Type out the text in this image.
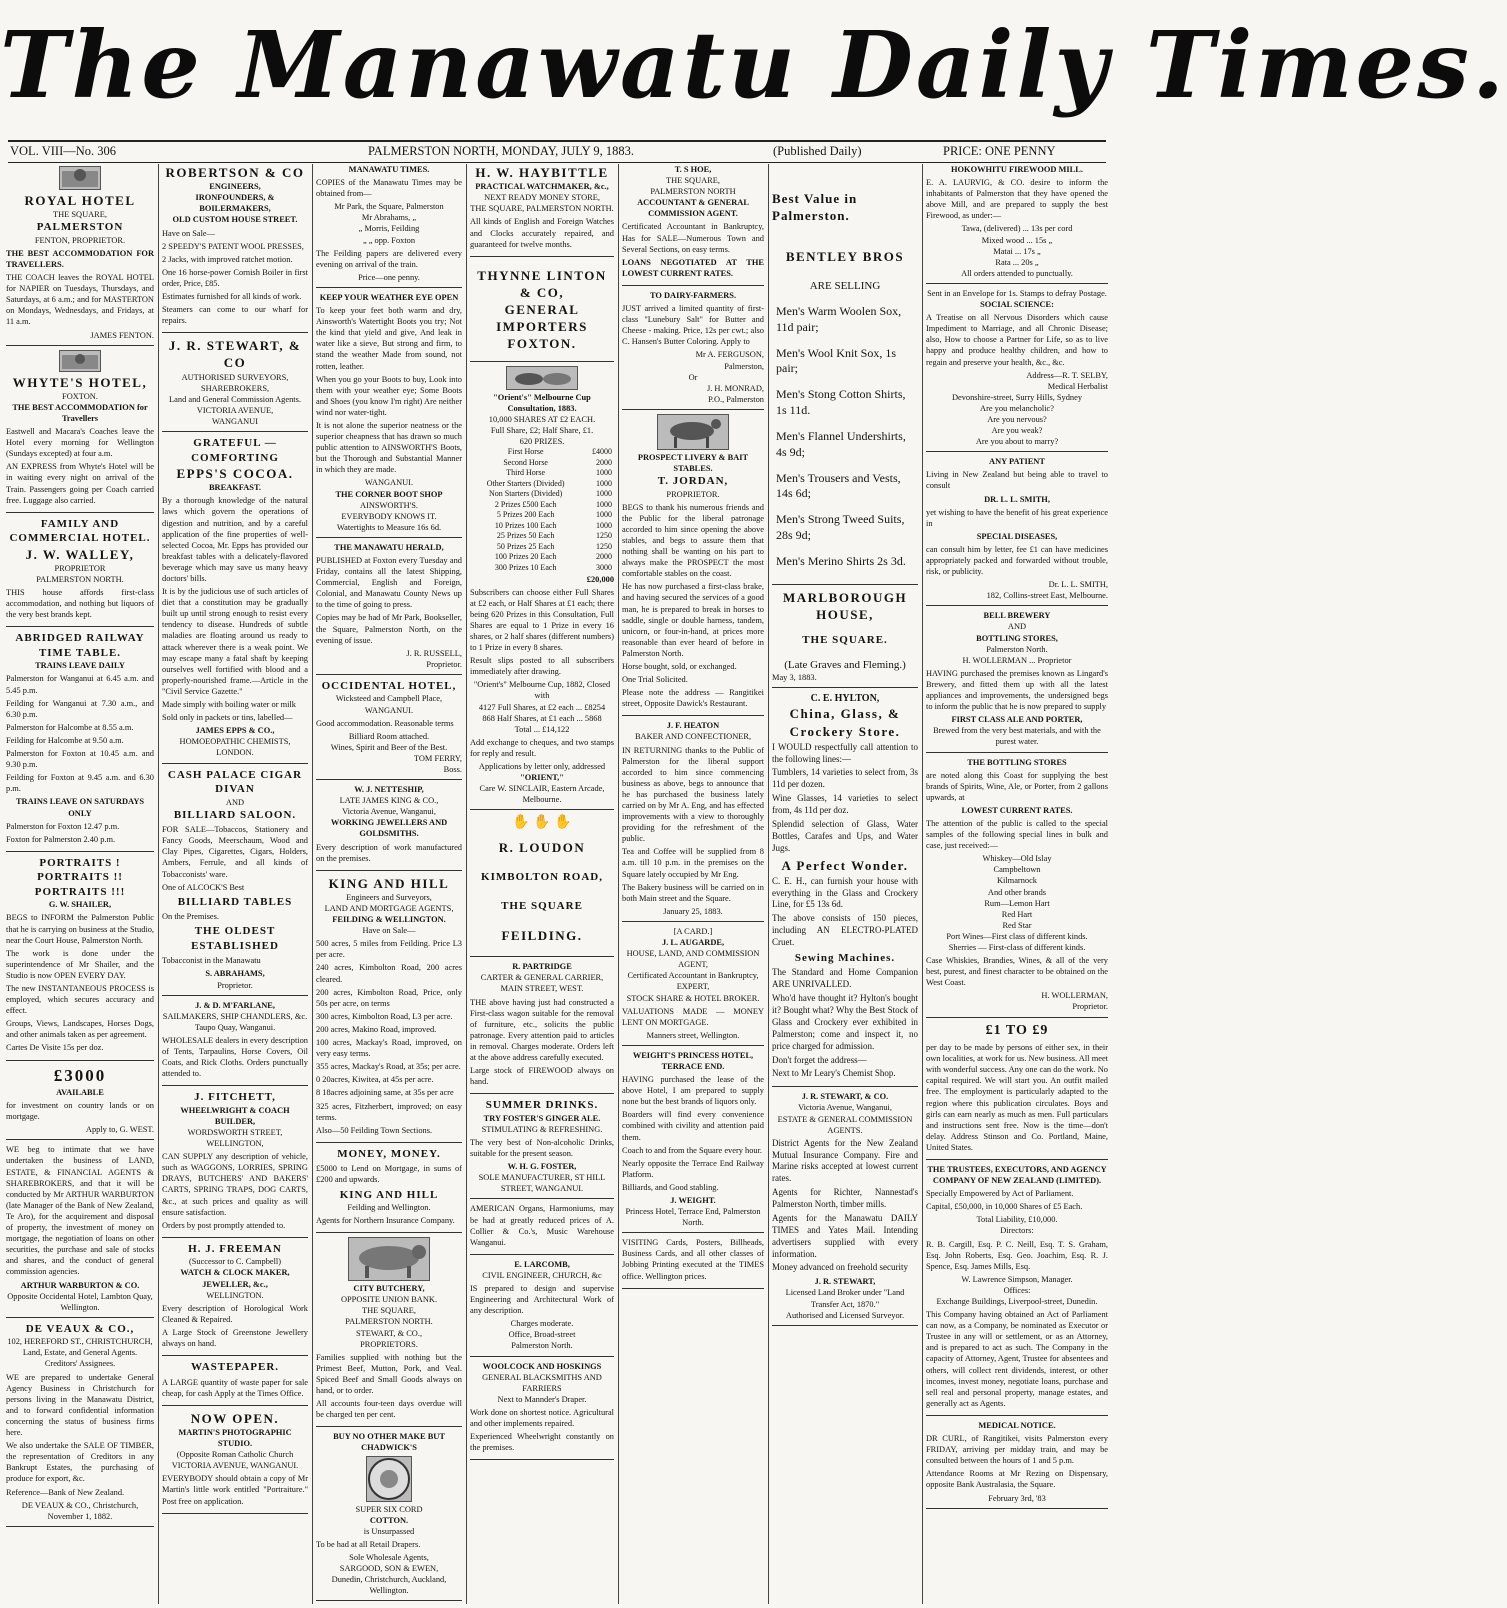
The Manawatu Daily Times.
VOL. VIII—No. 306	PALMERSTON NORTH, MONDAY, JULY 9, 1883.	(Published Daily)	PRICE: ONE PENNY
ROYAL HOTEL
THE SQUARE,
PALMERSTON
FENTON, PROPRIETOR.

THE BEST ACCOMMODATION FOR TRAVELLERS.

THE COACH leaves the ROYAL HOTEL for NAPIER on Tuesdays, Thursdays, and Saturdays, at 6 a.m.; and for MASTERTON on Mondays, Wednesdays, and Fridays, at 11 a.m.

JAMES FENTON.
WHYTE'S HOTEL,
FOXTON.
THE BEST ACCOMMODATION for Travellers

Eastwell and Macara's Coaches leave the Hotel every morning for Wellington (Sundays excepted) at four a.m.

AN EXPRESS from Whyte's Hotel will be in waiting every night on arrival of the Train. Passengers going per Coach carried free. Luggage also carried.

FAMILY AND COMMERCIAL HOTEL.
J. W. WALLEY,
PROPRIETOR
PALMERSTON NORTH.

THIS house affords first-class accommodation, and nothing but liquors of the very best brands kept.

ABRIDGED RAILWAY TIME TABLE.
TRAINS LEAVE DAILY

Palmerston for Wanganui at 6.45 a.m. and 5.45 p.m.

Feilding for Wanganui at 7.30 a.m., and 6.30 p.m.

Palmerston for Halcombe at 8.55 a.m.

Feilding for Halcombe at 9.50 a.m.

Palmerston for Foxton at 10.45 a.m. and 9.30 p.m.

Feilding for Foxton at 9.45 a.m. and 6.30 p.m.

TRAINS LEAVE ON SATURDAYS ONLY

Palmerston for Foxton 12.47 p.m.

Foxton for Palmerston 2.40 p.m.

PORTRAITS ! PORTRAITS !!
PORTRAITS !!!
G. W. SHAILER,

BEGS to INFORM the Palmerston Public that he is carrying on business at the Studio, near the Court House, Palmerston North.

The work is done under the superintendence of Mr Shailer, and the Studio is now OPEN EVERY DAY.

The new INSTANTANEOUS PROCESS is employed, which secures accuracy and effect.

Groups, Views, Landscapes, Horses Dogs, and other animals taken as per agreement.

Cartes De Visite 15s per doz.

£3000
AVAILABLE

for investment on country lands or on mortgage.

Apply to, G. WEST.

WE beg to intimate that we have undertaken the business of LAND, ESTATE, & FINANCIAL AGENTS & SHAREBROKERS, and that it will be conducted by Mr ARTHUR WARBURTON (late Manager of the Bank of New Zealand, Te Aro), for the acquirement and disposal of property, the investment of money on mortgage, the negotiation of loans on other securities, the purchase and sale of stocks and shares, and the conduct of general commission agencies.

ARTHUR WARBURTON & CO.
Opposite Occidental Hotel, Lambton Quay, Wellington.
DE VEAUX & CO.,
102, HEREFORD ST., CHRISTCHURCH,
Land, Estate, and General Agents.
Creditors' Assignees.

WE are prepared to undertake General Agency Business in Christchurch for persons living in the Manawatu District, and to forward confidential information concerning the status of business firms here.

We also undertake the SALE OF TIMBER, the representation of Creditors in any Bankrupt Estates, the purchasing of produce for export, &c.

Reference—Bank of New Zealand.

DE VEAUX & CO., Christchurch, November 1, 1882.
ROBERTSON & CO
ENGINEERS,
IRONFOUNDERS, & BOILERMAKERS,
OLD CUSTOM HOUSE STREET.

Have on Sale—

2 SPEEDY'S PATENT WOOL PRESSES,

2 Jacks, with improved ratchet motion.

One 16 horse-power Cornish Boiler in first order, Price, £85.

Estimates furnished for all kinds of work.

Steamers can come to our wharf for repairs.

J. R. STEWART, & CO
AUTHORISED SURVEYORS,
SHAREBROKERS,
Land and General Commission Agents.
VICTORIA AVENUE,
WANGANUI
GRATEFUL — COMFORTING
EPPS'S COCOA.
BREAKFAST.

By a thorough knowledge of the natural laws which govern the operations of digestion and nutrition, and by a careful application of the fine properties of well-selected Cocoa, Mr. Epps has provided our breakfast tables with a delicately-flavored beverage which may save us many heavy doctors' bills.

It is by the judicious use of such articles of diet that a constitution may be gradually built up until strong enough to resist every tendency to disease. Hundreds of subtle maladies are floating around us ready to attack wherever there is a weak point. We may escape many a fatal shaft by keeping ourselves well fortified with blood and a properly-nourished frame.—Article in the "Civil Service Gazette."

Made simply with boiling water or milk

Sold only in packets or tins, labelled—

JAMES EPPS & CO.,
HOMOEOPATHIC CHEMISTS, LONDON.
CASH PALACE CIGAR DIVAN
AND
BILLIARD SALOON.

FOR SALE—Tobaccos, Stationery and Fancy Goods, Meerschaum, Wood and Clay Pipes, Cigarettes, Cigars, Holders, Ambers, Ferrule, and all kinds of Tobacconists' ware.

One of ALCOCK'S Best

BILLIARD TABLES

On the Premises.

THE OLDEST ESTABLISHED

Tobacconist in the Manawatu

S. ABRAHAMS,
Proprietor.
J. & D. M'FARLANE,
SAILMAKERS, SHIP CHANDLERS, &c.
Taupo Quay, Wanganui.

WHOLESALE dealers in every description of Tents, Tarpaulins, Horse Covers, Oil Coats, and Rick Cloths. Orders punctually attended to.

J. FITCHETT,
WHEELWRIGHT & COACH BUILDER,
WORDSWORTH STREET, WELLINGTON,

CAN SUPPLY any description of vehicle, such as WAGGONS, LORRIES, SPRING DRAYS, BUTCHERS' AND BAKERS' CARTS, SPRING TRAPS, DOG CARTS, &c., at such prices and quality as will ensure satisfaction.

Orders by post promptly attended to.

H. J. FREEMAN
(Successor to C. Campbell)
WATCH & CLOCK MAKER, JEWELLER, &c.,
WELLINGTON.

Every description of Horological Work Cleaned & Repaired.

A Large Stock of Greenstone Jewellery always on hand.

WASTEPAPER.

A LARGE quantity of waste paper for sale cheap, for cash Apply at the Times Office.

NOW OPEN.
MARTIN'S PHOTOGRAPHIC STUDIO.
(Opposite Roman Catholic Church VICTORIA AVENUE, WANGANUI.

EVERYBODY should obtain a copy of Mr Martin's little work entitled "Portraiture." Post free on application.

MANAWATU TIMES.

COPIES of the Manawatu Times may be obtained from—

Mr Park, the Square, Palmerston
Mr Abrahams, „
„ Morris, Feilding
„ „ opp. Foxton

The Feilding papers are delivered every evening on arrival of the train.

Price—one penny.
KEEP YOUR WEATHER EYE OPEN

To keep your feet both warm and dry, Ainsworth's Watertight Boots you try; Not the kind that yield and give, And leak in water like a sieve, But strong and firm, to stand the weather Made from sound, not rotten, leather.

When you go your Boots to buy, Look into them with your weather eye; Some Boots and Shoes (you know I'm right) Are neither wind nor water-tight.

It is not alone the superior neatness or the superior cheapness that has drawn so much public attention to AINSWORTH'S Boots, but the Thorough and Substantial Manner in which they are made.

WANGANUI.
THE CORNER BOOT SHOP
AINSWORTH'S.
EVERYBODY KNOWS IT.
Watertights to Measure 16s 6d.
THE MANAWATU HERALD,

PUBLISHED at Foxton every Tuesday and Friday, contains all the latest Shipping, Commercial, English and Foreign, Colonial, and Manawatu County News up to the time of going to press.

Copies may be had of Mr Park, Bookseller, the Square, Palmerston North, on the evening of issue.

J. R. RUSSELL,
Proprietor.
OCCIDENTAL HOTEL,
Wicksteed and Campbell Place, WANGANUI.

Good accommodation. Reasonable terms

Billiard Room attached.
Wines, Spirit and Beer of the Best.
TOM FERRY,
Boss.
W. J. NETTESHIP,
LATE JAMES KING & CO.,
Victoria Avenue, Wanganui,
WORKING JEWELLERS AND GOLDSMITHS.

Every description of work manufactured on the premises.

KING AND HILL
Engineers and Surveyors,
LAND AND MORTGAGE AGENTS,
FEILDING & WELLINGTON.
Have on Sale—

500 acres, 5 miles from Feilding. Price L3 per acre.

240 acres, Kimbolton Road, 200 acres cleared.

200 acres, Kimbolton Road, Price, only 50s per acre, on terms

300 acres, Kimbolton Road, L3 per acre.

200 acres, Makino Road, improved.

100 acres, Mackay's Road, improved, on very easy terms.

355 acres, Mackay's Road, at 35s; per acre.

0 20acres, Kiwitea, at 45s per acre.

8 18acres adjoining same, at 35s per acre

325 acres, Fitzherbert, improved; on easy terms.

Also—50 Feilding Town Sections.

MONEY, MONEY.

£5000 to Lend on Mortgage, in sums of £200 and upwards.

KING AND HILL
Feilding and Wellington.

Agents for Northern Insurance Company.

CITY BUTCHERY,
OPPOSITE UNION BANK.
THE SQUARE,
PALMERSTON NORTH.
STEWART, & CO.,
PROPRIETORS.

Families supplied with nothing but the Primest Beef, Mutton, Pork, and Veal. Spiced Beef and Small Goods always on hand, or to order.

All accounts four-teen days overdue will be charged ten per cent.

BUY NO OTHER MAKE BUT CHADWICK'S
SUPER SIX CORD
COTTON.
is Unsurpassed

To be had at all Retail Drapers.

Sole Wholesale Agents,
SARGOOD, SON & EWEN,
Dunedin, Christchurch, Auckland, Wellington.
H. W. HAYBITTLE
PRACTICAL WATCHMAKER, &c.,
NEXT READY MONEY STORE,
THE SQUARE, PALMERSTON NORTH.

All kinds of English and Foreign Watches and Clocks accurately repaired, and guaranteed for twelve months.

THYNNE LINTON & CO,
GENERAL IMPORTERS
FOXTON.
"Orient's" Melbourne Cup Consultation, 1883.
10,000 SHARES AT £2 EACH.
Full Share, £2; Half Share, £1.
620 PRIZES.
First Horse	£4000
Second Horse	2000
Third Horse	1000
Other Starters (Divided)	1000
Non Starters (Divided)	1000
2 Prizes £500 Each	1000
5 Prizes 200 Each	1000
10 Prizes 100 Each	1000
25 Prizes 50 Each	1250
50 Prizes 25 Each	1250
100 Prizes 20 Each	2000
300 Prizes 10 Each	3000
£20,000

Subscribers can choose either Full Shares at £2 each, or Half Shares at £1 each; there being 620 Prizes in this Consultation, Full Shares are equal to 1 Prize in every 16 shares, or 2 half shares (different numbers) to 1 Prize in every 8 shares.

Result slips posted to all subscribers immediately after drawing.

"Orient's" Melbourne Cup, 1882, Closed with
4127 Full Shares, at £2 each ... £8254
868 Half Shares, at £1 each ... 5868
Total ... £14,122

Add exchange to cheques, and two stamps for reply and result.

Applications by letter only, addressed
"ORIENT,"
Care W. SINCLAIR, Eastern Arcade, Melbourne.
✋ ✋ ✋
R. LOUDON
KIMBOLTON ROAD,
THE SQUARE
FEILDING.
R. PARTRIDGE
CARTER & GENERAL CARRIER,
MAIN STREET, WEST.

THE above having just had constructed a First-class wagon suitable for the removal of furniture, etc., solicits the public patronage. Every attention paid to articles in removal. Charges moderate. Orders left at the above address carefully executed.

Large stock of FIREWOOD always on hand.

SUMMER DRINKS.
TRY FOSTER'S GINGER ALE.
STIMULATING & REFRESHING.

The very best of Non-alcoholic Drinks, suitable for the present season.

W. H. G. FOSTER,
SOLE MANUFACTURER, ST HILL STREET, WANGANUI.

AMERICAN Organs, Harmoniums, may be had at greatly reduced prices of A. Collier & Co.'s, Music Warehouse Wanganui.

E. LARCOMB,
CIVIL ENGINEER, CHURCH, &c

IS prepared to design and supervise Engineering and Architectural Work of any description.

Charges moderate.
Office, Broad-street
Palmerston North.
WOOLCOCK AND HOSKINGS
GENERAL BLACKSMITHS AND FARRIERS
Next to Mannder's Draper.

Work done on shortest notice. Agricultural and other implements repaired.

Experienced Wheelwright constantly on the premises.

T. S HOE,
THE SQUARE,
PALMERSTON NORTH
ACCOUNTANT & GENERAL
COMMISSION AGENT.

Certificated Accountant in Bankruptcy, Has for SALE—Numerous Town and Several Sections, on easy terms.

LOANS NEGOTIATED AT THE LOWEST CURRENT RATES.

TO DAIRY-FARMERS.

JUST arrived a limited quantity of first-class "Lunebury Salt" for Butter and Cheese - making. Price, 12s per cwt.; also C. Hansen's Butter Coloring. Apply to

Mr A. FERGUSON,
Palmerston,
Or
J. H. MONRAD,
P.O., Palmerston
PROSPECT LIVERY & BAIT STABLES.
T. JORDAN,
PROPRIETOR.

BEGS to thank his numerous friends and the Public for the liberal patronage accorded to him since opening the above stables, and begs to assure them that nothing shall be wanting on his part to always make the PROSPECT the most comfortable stables on the coast.

He has now purchased a first-class brake, and having secured the services of a good man, he is prepared to break in horses to saddle, single or double harness, tandem, unicorn, or four-in-hand, at prices more reasonable than ever heard of before in Palmerston North.

Horse bought, sold, or exchanged.

One Trial Solicited.

Please note the address — Rangitikei street, Opposite Dawick's Restaurant.

J. F. HEATON
BAKER AND CONFECTIONER,

IN RETURNING thanks to the Public of Palmerston for the liberal support accorded to him since commencing business as above, begs to announce that he has purchased the business lately carried on by Mr A. Eng, and has effected improvements with a view to thoroughly providing for the refreshment of the public.

Tea and Coffee will be supplied from 8 a.m. till 10 p.m. in the premises on the Square lately occupied by Mr Eng.

The Bakery business will be carried on in both Main street and the Square.

January 25, 1883.
[A CARD.]
J. L. AUGARDE,
HOUSE, LAND, AND COMMISSION AGENT,
Certificated Accountant in Bankruptcy,
EXPERT,
STOCK SHARE & HOTEL BROKER.

VALUATIONS MADE — MONEY LENT ON MORTGAGE.

Manners street, Wellington.
WEIGHT'S PRINCESS HOTEL,
TERRACE END.

HAVING purchased the lease of the above Hotel, I am prepared to supply none but the best brands of liquors only.

Boarders will find every convenience combined with civility and attention paid them.

Coach to and from the Square every hour.

Nearly opposite the Terrace End Railway Platform.

Billiards, and Good stabling.

J. WEIGHT.
Princess Hotel, Terrace End, Palmerston North.

VISITING Cards, Posters, Billheads, Business Cards, and all other classes of Jobbing Printing executed at the TIMES office. Wellington prices.

Best Value in Palmerston.
BENTLEY BROS
ARE SELLING
Men's Warm Woolen Sox, 11d pair;
Men's Wool Knit Sox, 1s pair;
Men's Stong Cotton Shirts, 1s 11d.
Men's Flannel Undershirts, 4s 9d;
Men's Trousers and Vests, 14s 6d;
Men's Strong Tweed Suits, 28s 9d;
Men's Merino Shirts 2s 3d.
MARLBOROUGH HOUSE,
THE SQUARE.
(Late Graves and Fleming.)
May 3, 1883.
C. E. HYLTON,
China, Glass, & Crockery Store.

I WOULD respectfully call attention to the following lines:—

Tumblers, 14 varieties to select from, 3s 11d per dozen.

Wine Glasses, 14 varieties to select from, 4s 11d per doz.

Splendid selection of Glass, Water Bottles, Carafes and Ups, and Water Jugs.

A Perfect Wonder.

C. E. H., can furnish your house with everything in the Glass and Crockery Line, for £5 13s 6d.

The above consists of 150 pieces, including AN ELECTRO-PLATED Cruet.

Sewing Machines.

The Standard and Home Companion ARE UNRIVALLED.

Who'd have thought it? Hylton's bought it? Bought what? Why the Best Stock of Glass and Crockery ever exhibited in Palmerston; come and inspect it, no price charged for admission.

Don't forget the address—

Next to Mr Leary's Chemist Shop.

J. R. STEWART, & CO.
Victoria Avenue, Wanganui,
ESTATE & GENERAL COMMISSION AGENTS.

District Agents for the New Zealand Mutual Insurance Company. Fire and Marine risks accepted at lowest current rates.

Agents for Richter, Nannestad's Palmerston North, timber mills.

Agents for the Manawatu DAILY TIMES and Yates Mail. Intending advertisers supplied with every information.

Money advanced on freehold security

J. R. STEWART,
Licensed Land Broker under "Land Transfer Act, 1870."
Authorised and Licensed Surveyor.
HOKOWHITU FIREWOOD MILL.

E. A. LAURVIG, & CO. desire to inform the inhabitants of Palmerston that they have opened the above Mill, and are prepared to supply the best Firewood, as under:—

Tawa, (delivered) ... 13s per cord
Mixed wood ... 15s „
Matai ... 17s „
Rata ... 20s „
All orders attended to punctually.
Sent in an Envelope for 1s. Stamps to defray Postage.
SOCIAL SCIENCE:

A Treatise on all Nervous Disorders which cause Impediment to Marriage, and all Chronic Disease; also, How to choose a Partner for Life, so as to live happy and produce healthy children, and how to regain and preserve your health, &c., &c.

Address—R. T. SELBY,
Medical Herbalist
Devonshire-street, Surry Hills, Sydney
Are you melancholic?
Are you nervous?
Are you weak?
Are you about to marry?
ANY PATIENT

Living in New Zealand but being able to travel to consult

DR. L. L. SMITH,

yet wishing to have the benefit of his great experience in

SPECIAL DISEASES,

can consult him by letter, fee £1 can have medicines appropriately packed and forwarded without trouble, risk, or publicity.

Dr. L. L. SMITH,
182, Collins-street East, Melbourne.
BELL BREWERY
AND
BOTTLING STORES,
Palmerston North.
H. WOLLERMAN ... Proprietor

HAVING purchased the premises known as Lingard's Brewery, and fitted them up with all the latest appliances and improvements, the undersigned begs to inform the public that he is now prepared to supply

FIRST CLASS ALE AND PORTER,
Brewed from the very best materials, and with the purest water.
THE BOTTLING STORES

are noted along this Coast for supplying the best brands of Spirits, Wine, Ale, or Porter, from 2 gallons upwards, at

LOWEST CURRENT RATES.

The attention of the public is called to the special samples of the following special lines in bulk and case, just received:—

Whiskey—Old Islay
Campbeltown
Kilmarnock
And other brands
Rum—Lemon Hart
Red Hart
Red Star
Port Wines—First class of different kinds.
Sherries — First-class of different kinds.

Case Whiskies, Brandies, Wines, & all of the very best, purest, and finest character to be obtained on the West Coast.

H. WOLLERMAN,
Proprietor.
£1 TO £9

per day to be made by persons of either sex, in their own localities, at work for us. New business. All meet with wonderful success. Any one can do the work. No capital required. We will start you. An outfit mailed free. The employment is particularly adapted to the region where this publication circulates. Boys and girls can earn nearly as much as men. Full particulars and instructions sent free. Now is the time—don't delay. Address Stinson and Co. Portland, Maine, United States.

THE TRUSTEES, EXECUTORS, AND AGENCY COMPANY OF NEW ZEALAND (LIMITED).

Specially Empowered by Act of Parliament.

Capital, £50,000, in 10,000 Shares of £5 Each.

Total Liability, £10,000.
Directors:

R. B. Cargill, Esq. P. C. Neill, Esq. T. S. Graham, Esq. John Roberts, Esq. Geo. Joachim, Esq. R. J. Spence, Esq. James Mills, Esq.

W. Lawrence Simpson, Manager.
Offices:
Exchange Buildings, Liverpool-street, Dunedin.

This Company having obtained an Act of Parliament can now, as a Company, be nominated as Executor or Trustee in any will or settlement, or as an Attorney, and is prepared to act as such. The Company in the capacity of Attorney, Agent, Trustee for absentees and others, will collect rent dividends, interest, or other incomes, invest money, negotiate loans, purchase and sell real and personal property, manage estates, and generally act as Agents.

MEDICAL NOTICE.

DR CURL, of Rangitikei, visits Palmerston every FRIDAY, arriving per midday train, and may be consulted between the hours of 1 and 5 p.m.

Attendance Rooms at Mr Rezing on Dispensary, opposite Bank Australasia, the Square.

February 3rd, '83
